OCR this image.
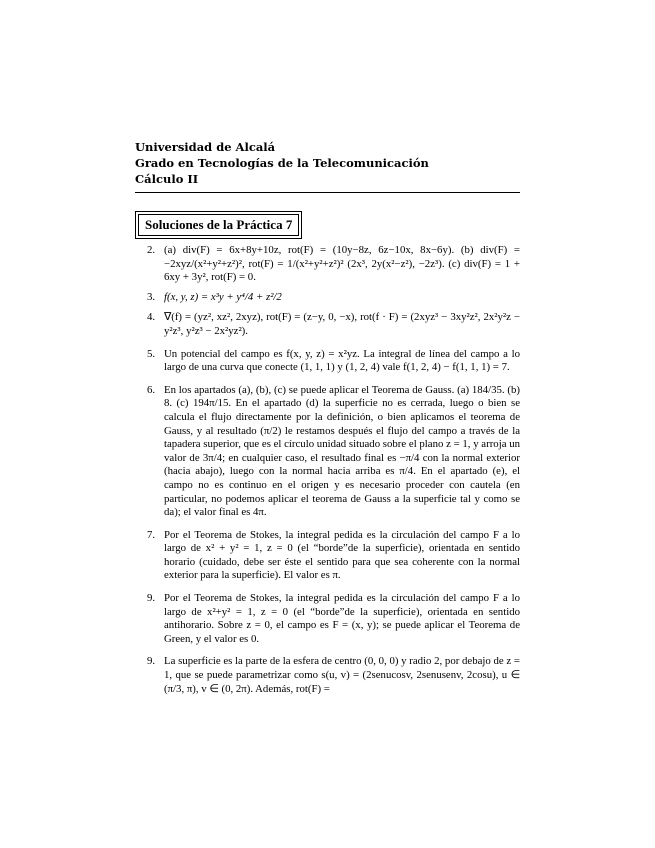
Universidad de Alcalá
Grado en Tecnologías de la Telecomunicación
Cálculo II
Soluciones de la Práctica 7
2. (a) div(F) = 6x+8y+10z, rot(F) = (10y−8z, 6z−10x, 8x−6y). (b) div(F) = −2xyz/(x²+y²+z²)², rot(F) = 1/(x²+y²+z²)² (2x³, 2y(x²−z²), −2z³). (c) div(F) = 1 + 6xy + 3y², rot(F) = 0.
3. f(x, y, z) = x³y + y⁴/4 + z²/2
4. ∇(f) = (yz², xz², 2xyz), rot(F) = (z−y, 0, −x), rot(f · F) = (2xyz³ − 3xy²z², 2x²y²z − y²z³, y²z³ − 2x²yz²).
5. Un potencial del campo es f(x, y, z) = x²yz. La integral de línea del campo a lo largo de una curva que conecte (1, 1, 1) y (1, 2, 4) vale f(1, 2, 4) − f(1, 1, 1) = 7.
6. En los apartados (a), (b), (c) se puede aplicar el Teorema de Gauss. (a) 184/35. (b) 8. (c) 194π/15. En el apartado (d) la superficie no es cerrada, luego o bien se calcula el flujo directamente por la definición, o bien aplicamos el teorema de Gauss, y al resultado (π/2) le restamos después el flujo del campo a través de la tapadera superior, que es el círculo unidad situado sobre el plano z = 1, y arroja un valor de 3π/4; en cualquier caso, el resultado final es −π/4 con la normal exterior (hacia abajo), luego con la normal hacia arriba es π/4. En el apartado (e), el campo no es continuo en el origen y es necesario proceder con cautela (en particular, no podemos aplicar el teorema de Gauss a la superficie tal y como se da); el valor final es 4π.
7. Por el Teorema de Stokes, la integral pedida es la circulación del campo F a lo largo de x² + y² = 1, z = 0 (el “borde”de la superficie), orientada en sentido horario (cuidado, debe ser éste el sentido para que sea coherente con la normal exterior para la superficie). El valor es π.
9. Por el Teorema de Stokes, la integral pedida es la circulación del campo F a lo largo de x²+y² = 1, z = 0 (el “borde”de la superficie), orientada en sentido antihorario. Sobre z = 0, el campo es F = (x, y); se puede aplicar el Teorema de Green, y el valor es 0.
9. La superficie es la parte de la esfera de centro (0, 0, 0) y radio 2, por debajo de z = 1, que se puede parametrizar como s(u, v) = (2senucosv, 2senusenv, 2cosu), u ∈ (π/3, π), v ∈ (0, 2π). Además, rot(F) =
